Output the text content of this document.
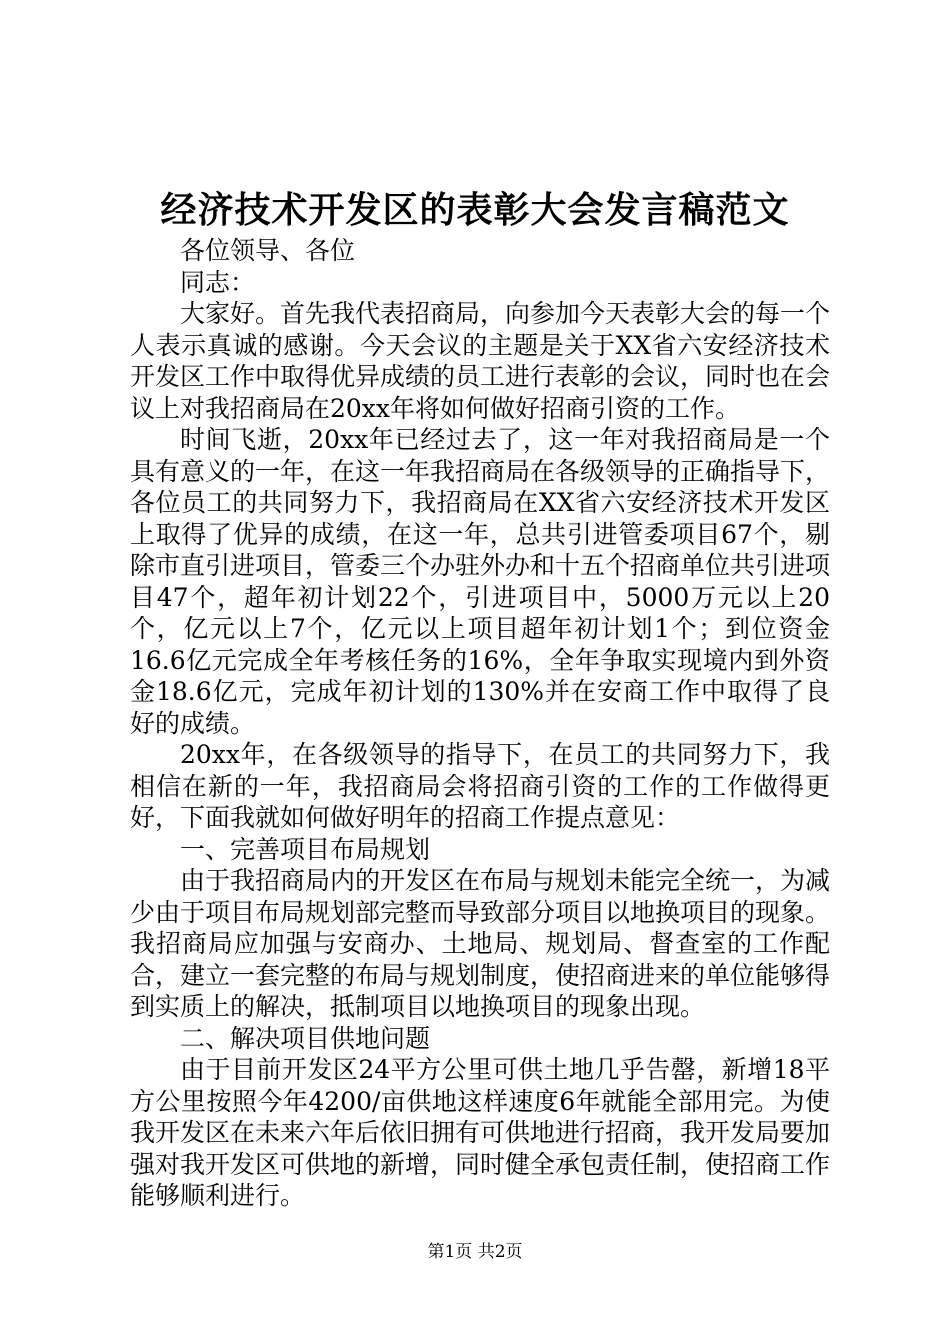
经济技术开发区的表彰大会发言稿范文

各位领导、各位

同志：

大家好。首先我代表招商局，向参加今天表彰大会的每一个人表示真诚的感谢。今天会议的主题是关于XX省六安经济技术开发区工作中取得优异成绩的员工进行表彰的会议，同时也在会议上对我招商局在20xx年将如何做好招商引资的工作。

时间飞逝，20xx年已经过去了，这一年对我招商局是一个具有意义的一年，在这一年我招商局在各级领导的正确指导下，各位员工的共同努力下，我招商局在XX省六安经济技术开发区上取得了优异的成绩，在这一年，总共引进管委项目67个，剔除市直引进项目，管委三个办驻外办和十五个招商单位共引进项目47个，超年初计划22个，引进项目中，5000万元以上20个，亿元以上7个，亿元以上项目超年初计划1个；到位资金16.6亿元完成全年考核任务的16%，全年争取实现境内到外资金18.6亿元，完成年初计划的130%并在安商工作中取得了良好的成绩。

20xx年，在各级领导的指导下，在员工的共同努力下，我相信在新的一年，我招商局会将招商引资的工作的工作做得更好，下面我就如何做好明年的招商工作提点意见：

一、完善项目布局规划

由于我招商局内的开发区在布局与规划未能完全统一，为减少由于项目布局规划部完整而导致部分项目以地换项目的现象。我招商局应加强与安商办、土地局、规划局、督查室的工作配合，建立一套完整的布局与规划制度，使招商进来的单位能够得到实质上的解决，抵制项目以地换项目的现象出现。

二、解决项目供地问题

由于目前开发区24平方公里可供土地几乎告罄，新增18平方公里按照今年4200/亩供地这样速度6年就能全部用完。为使我开发区在未来六年后依旧拥有可供地进行招商，我开发局要加强对我开发区可供地的新增，同时健全承包责任制，使招商工作能够顺利进行。

第1页 共2页
